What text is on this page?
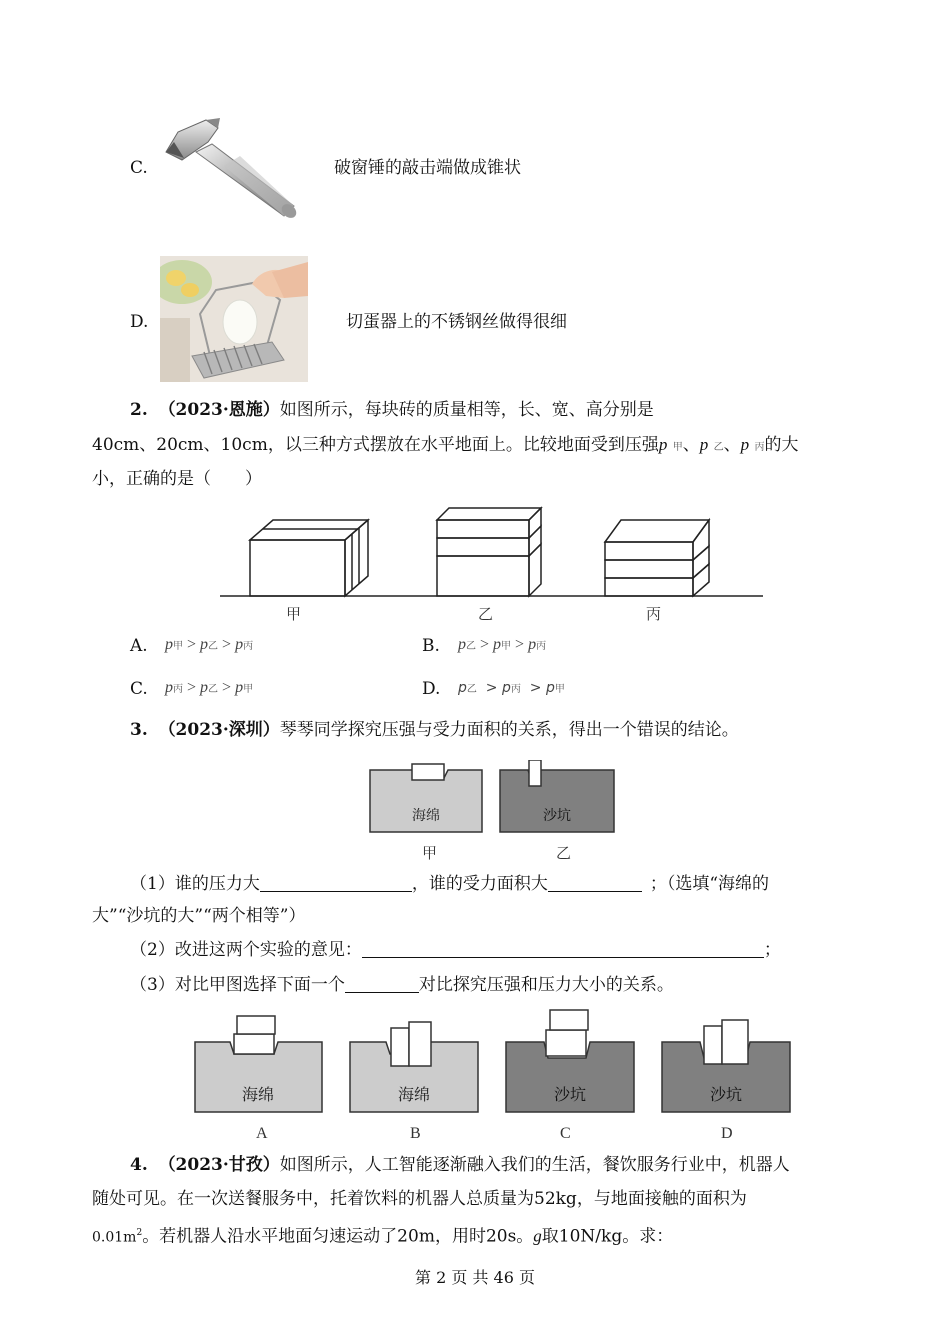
C.	破窗锤的敲击端做成锥状
D.	切蛋器上的不锈钢丝做得很细
2. （2023·恩施）如图所示，每块砖的质量相等，长、宽、高分别是
40cm、20cm、10cm，以三种方式摆放在水平地面上。比较地面受到压强p 甲、p 乙、p 丙的大
小，正确的是（　　）
甲	乙	丙
A. p甲 > p乙 > p丙	B. p乙 > p甲 > p丙
C. p丙 > p乙 > p甲	D. p乙 > p丙 > p甲
3. （2023·深圳）琴琴同学探究压强与受力面积的关系，得出一个错误的结论。
海绵	沙坑
甲	乙
（1）谁的压力大	，谁的受力面积大	；（选填“海绵的
大”“沙坑的大”“两个相等”）
（2）改进这两个实验的意见：	；
（3）对比甲图选择下面一个	对比探究压强和压力大小的关系。
海绵	海绵	沙坑	沙坑
A	B	C	D
4. （2023·甘孜）如图所示，人工智能逐渐融入我们的生活，餐饮服务行业中，机器人
随处可见。在一次送餐服务中，托着饮料的机器人总质量为52kg，与地面接触的面积为
$0.01m^2$。若机器人沿水平地面匀速运动了20m，用时20s。g取10N/kg。求：
第 2 页 共 46 页
